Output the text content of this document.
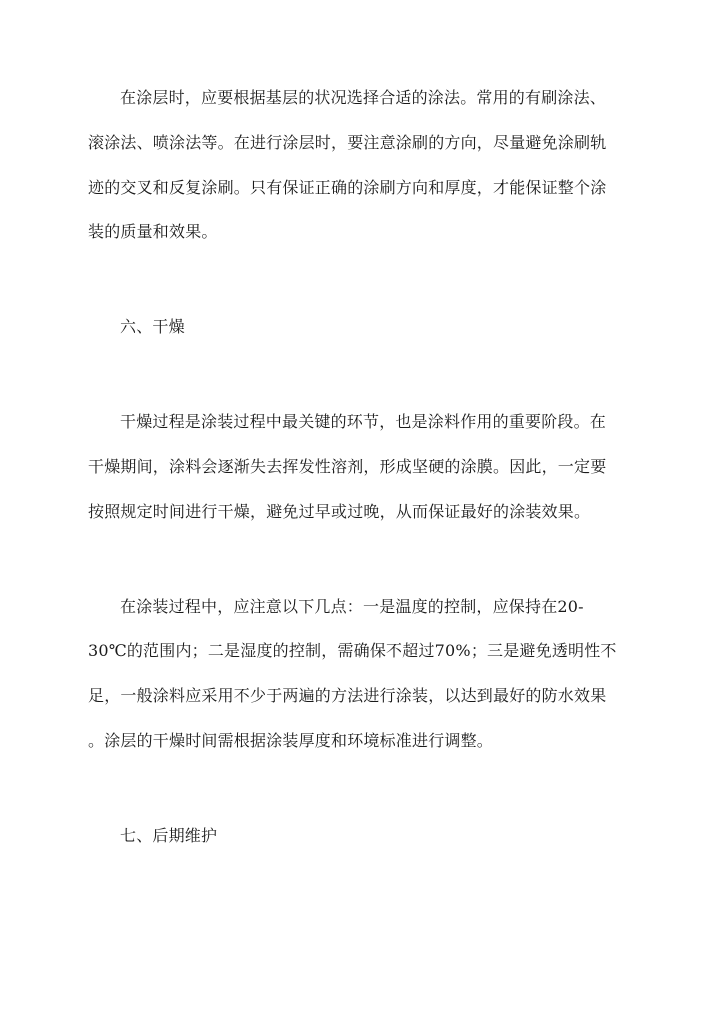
在涂层时，应要根据基层的状况选择合适的涂法。常用的有刷涂法、
滚涂法、喷涂法等。在进行涂层时，要注意涂刷的方向，尽量避免涂刷轨
迹的交叉和反复涂刷。只有保证正确的涂刷方向和厚度，才能保证整个涂
装的质量和效果。
六、干燥
干燥过程是涂装过程中最关键的环节，也是涂料作用的重要阶段。在
干燥期间，涂料会逐渐失去挥发性溶剂，形成坚硬的涂膜。因此，一定要
按照规定时间进行干燥，避免过早或过晚，从而保证最好的涂装效果。
在涂装过程中，应注意以下几点：一是温度的控制，应保持在20-
30℃的范围内；二是湿度的控制，需确保不超过70%；三是避免透明性不
足，一般涂料应采用不少于两遍的方法进行涂装，以达到最好的防水效果
。涂层的干燥时间需根据涂装厚度和环境标准进行调整。
七、后期维护
